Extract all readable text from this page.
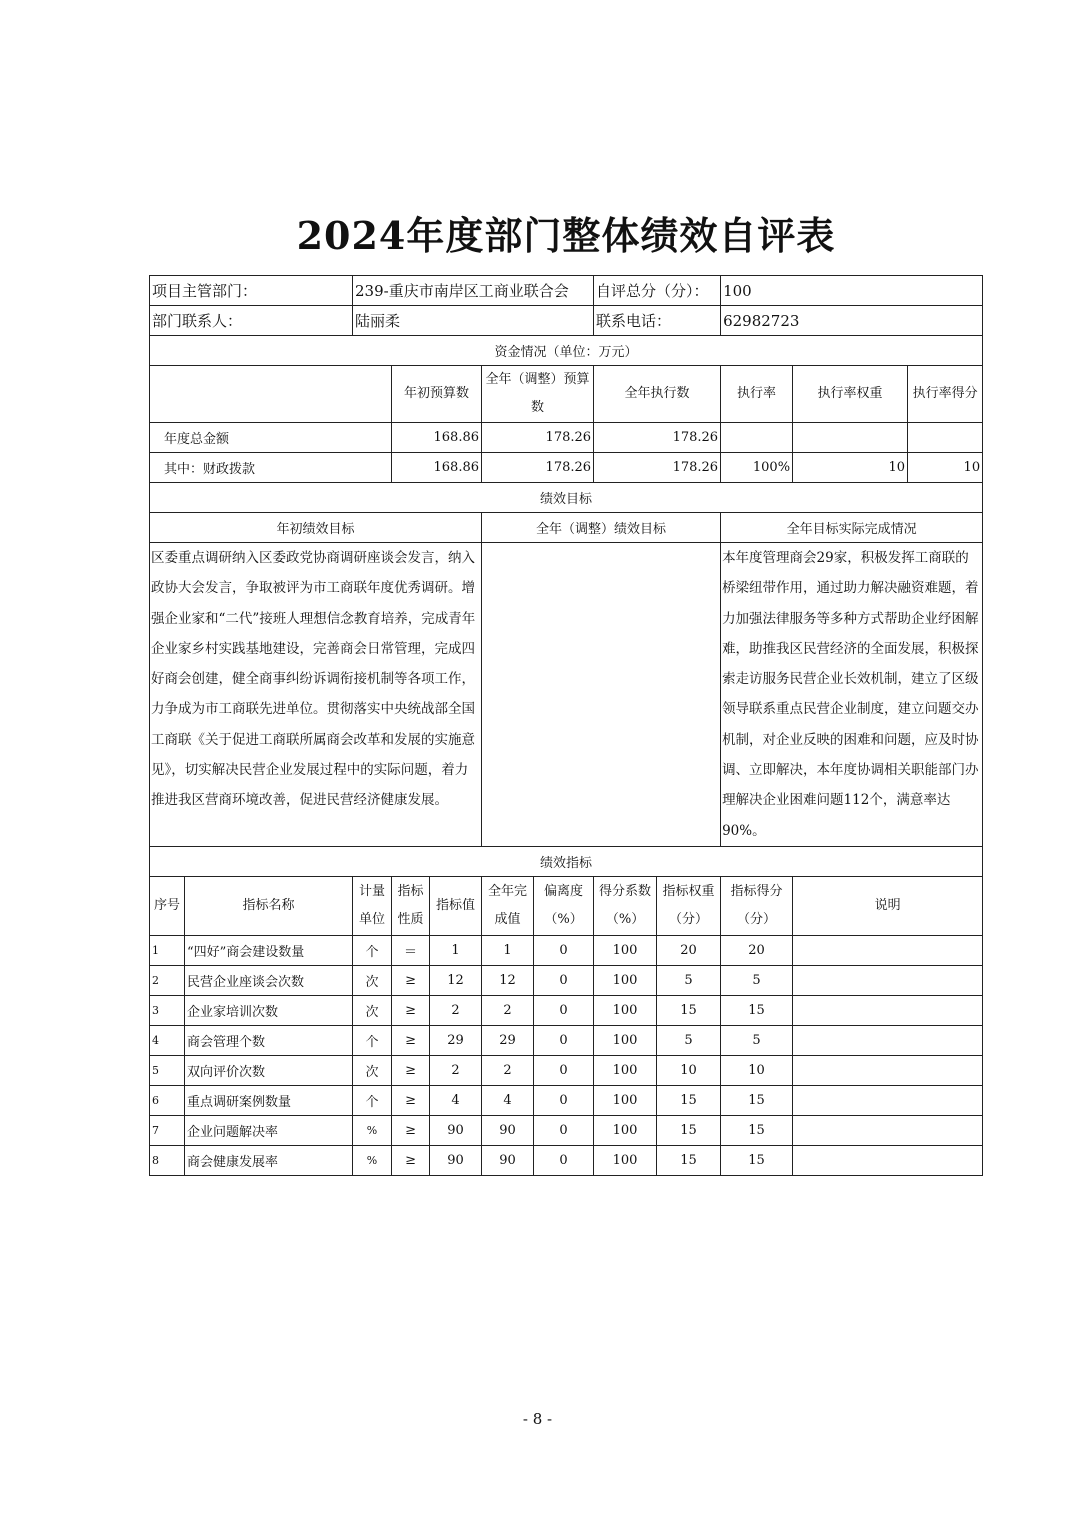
2024年度部门整体绩效自评表
项目主管部门：		239-重庆市南岸区工商业联合会					自评总分（分）：		100		
部门联系人：		陆丽柔					联系电话：		62982723		
资金情况（单位：万元）											
			年初预算数		全年（调整）预算数		全年执行数		执行率	执行率权重	执行率得分
年度总金额			168.86		178.26		178.26				
其中：财政拨款			168.86		178.26		178.26		100%	10	10
绩效目标											
年初绩效目标					全年（调整）绩效目标				全年目标实际完成情况		
区委重点调研纳入区委政党协商调研座谈会发言，纳入政协大会发言，争取被评为市工商联年度优秀调研。增强企业家和“二代”接班人理想信念教育培养，完成青年企业家乡村实践基地建设，完善商会日常管理，完成四好商会创建，健全商事纠纷诉调衔接机制等各项工作，力争成为市工商联先进单位。贯彻落实中央统战部全国工商联《关于促进工商联所属商会改革和发展的实施意见》，切实解决民营企业发展过程中的实际问题，着力推进我区营商环境改善，促进民营经济健康发展。									本年度管理商会29家，积极发挥工商联的桥梁纽带作用，通过助力解决融资难题，着力加强法律服务等多种方式帮助企业纾困解难，助推我区民营经济的全面发展，积极探索走访服务民营企业长效机制，建立了区级领导联系重点民营企业制度，建立问题交办机制，对企业反映的困难和问题，应及时协调、立即解决，本年度协调相关职能部门办理解决企业困难问题112个，满意率达90%。		
绩效指标											
序号	指标名称	计量单位	指标性质	指标值	全年完成值	偏离度（%）	得分系数（%）	指标权重（分）	指标得分（分）	说明	
1	“四好”商会建设数量	个	＝	1	1	0	100	20	20		
2	民营企业座谈会次数	次	≥	12	12	0	100	5	5		
3	企业家培训次数	次	≥	2	2	0	100	15	15		
4	商会管理个数	个	≥	29	29	0	100	5	5		
5	双向评价次数	次	≥	2	2	0	100	10	10		
6	重点调研案例数量	个	≥	4	4	0	100	15	15		
7	企业问题解决率	%	≥	90	90	0	100	15	15		
8	商会健康发展率	%	≥	90	90	0	100	15	15		
- 8 -
